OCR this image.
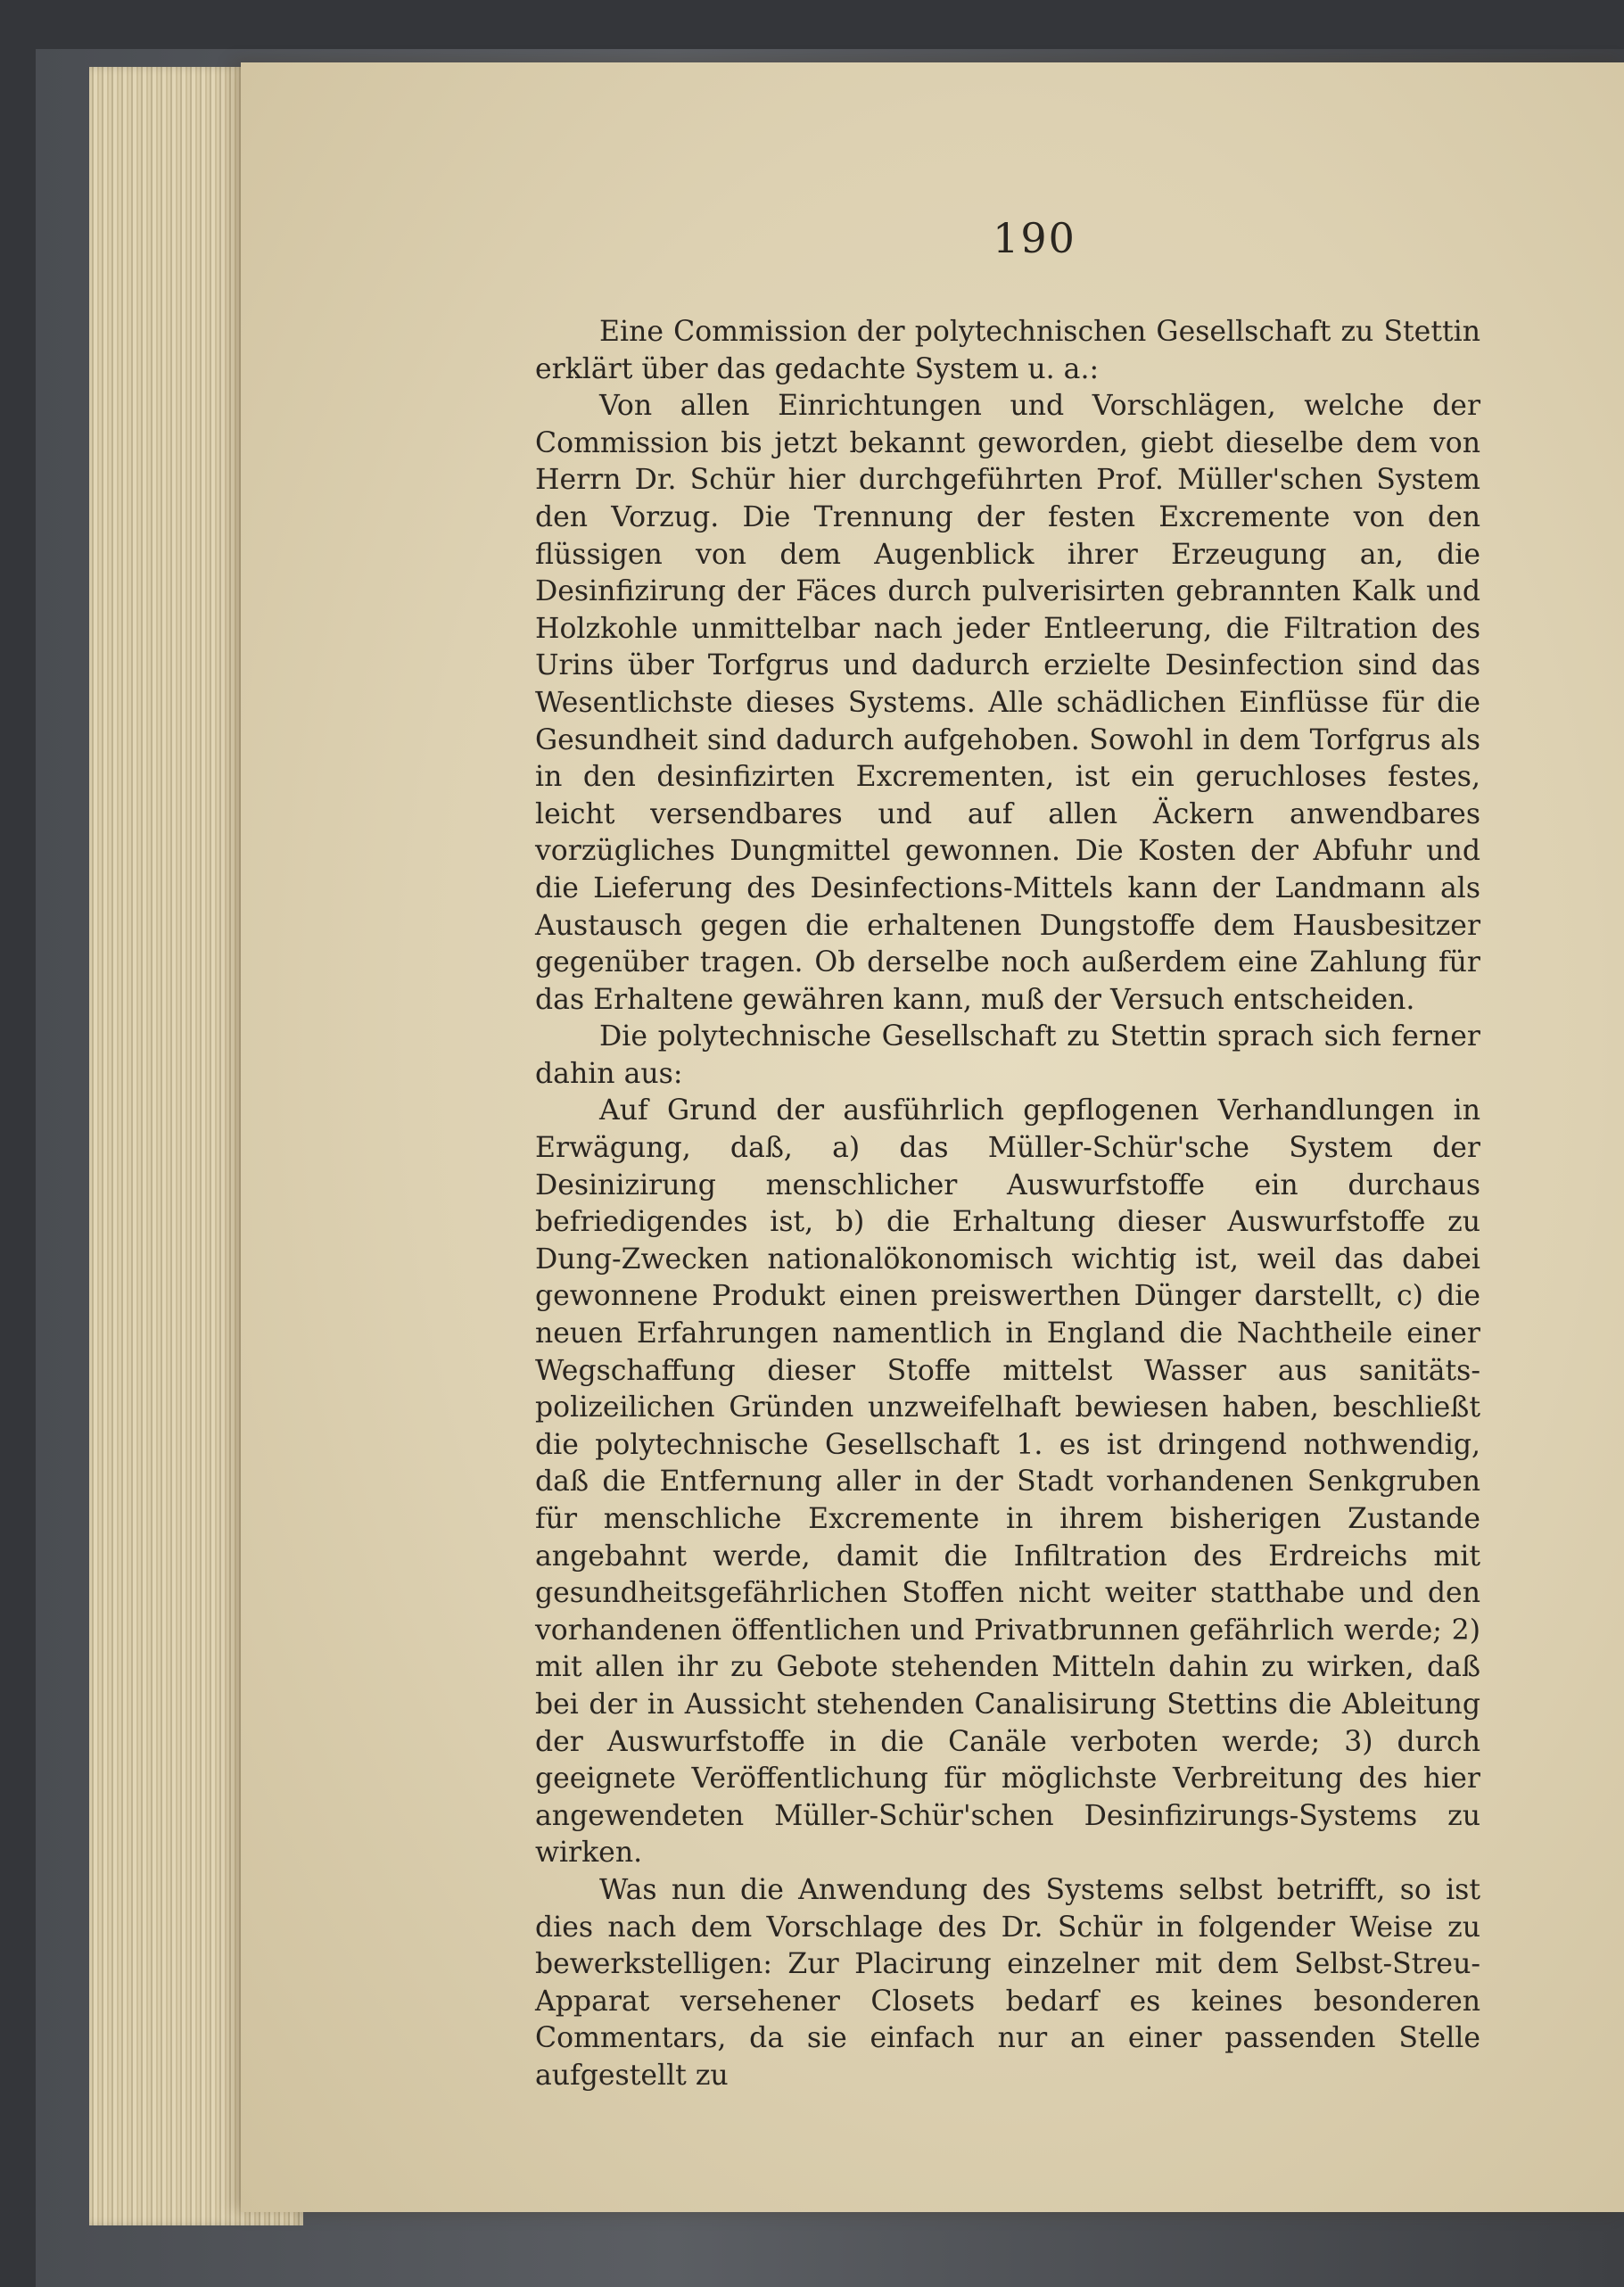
190

Eine Commission der polytechnischen Gesellschaft zu Stettin erklärt über das gedachte System u. a.:

Von allen Einrichtungen und Vorschlägen, welche der Commission bis jetzt bekannt geworden, giebt dieselbe dem von Herrn Dr. Schür hier durchgeführten Prof. Müller'schen System den Vorzug. Die Trennung der festen Excremente von den flüssigen von dem Augenblick ihrer Erzeugung an, die Desinfizirung der Fäces durch pulverisirten gebrannten Kalk und Holzkohle unmittelbar nach jeder Entleerung, die Filtration des Urins über Torfgrus und dadurch erzielte Desinfection sind das Wesentlichste dieses Systems. Alle schädlichen Einflüsse für die Gesundheit sind dadurch aufgehoben. Sowohl in dem Torfgrus als in den desinfizirten Excrementen, ist ein geruchloses festes, leicht versendbares und auf allen Äckern anwendbares vorzügliches Dungmittel gewonnen. Die Kosten der Abfuhr und die Lieferung des Desinfections-Mittels kann der Landmann als Austausch gegen die erhaltenen Dungstoffe dem Hausbesitzer gegenüber tragen. Ob derselbe noch außerdem eine Zahlung für das Erhaltene gewähren kann, muß der Versuch entscheiden.

Die polytechnische Gesellschaft zu Stettin sprach sich ferner dahin aus:

Auf Grund der ausführlich gepflogenen Verhandlungen in Erwägung, daß, a) das Müller-Schür'sche System der Desinizirung menschlicher Auswurfstoffe ein durchaus befriedigendes ist, b) die Erhaltung dieser Auswurfstoffe zu Dung-Zwecken nationalökonomisch wichtig ist, weil das dabei gewonnene Produkt einen preiswerthen Dünger darstellt, c) die neuen Erfahrungen namentlich in England die Nachtheile einer Wegschaffung dieser Stoffe mittelst Wasser aus sanitäts-polizeilichen Gründen unzweifelhaft bewiesen haben, beschließt die polytechnische Gesellschaft 1. es ist dringend nothwendig, daß die Entfernung aller in der Stadt vorhandenen Senkgruben für menschliche Excremente in ihrem bisherigen Zustande angebahnt werde, damit die Infiltration des Erdreichs mit gesundheitsgefährlichen Stoffen nicht weiter statthabe und den vorhandenen öffentlichen und Privatbrunnen gefährlich werde; 2) mit allen ihr zu Gebote stehenden Mitteln dahin zu wirken, daß bei der in Aussicht stehenden Canalisirung Stettins die Ableitung der Auswurfstoffe in die Canäle verboten werde; 3) durch geeignete Veröffentlichung für möglichste Verbreitung des hier angewendeten Müller-Schür'schen Desinfizirungs-Systems zu wirken.

Was nun die Anwendung des Systems selbst betrifft, so ist dies nach dem Vorschlage des Dr. Schür in folgender Weise zu bewerkstelligen: Zur Placirung einzelner mit dem Selbst-Streu-Apparat versehener Closets bedarf es keines besonderen Commentars, da sie einfach nur an einer passenden Stelle aufgestellt zu
